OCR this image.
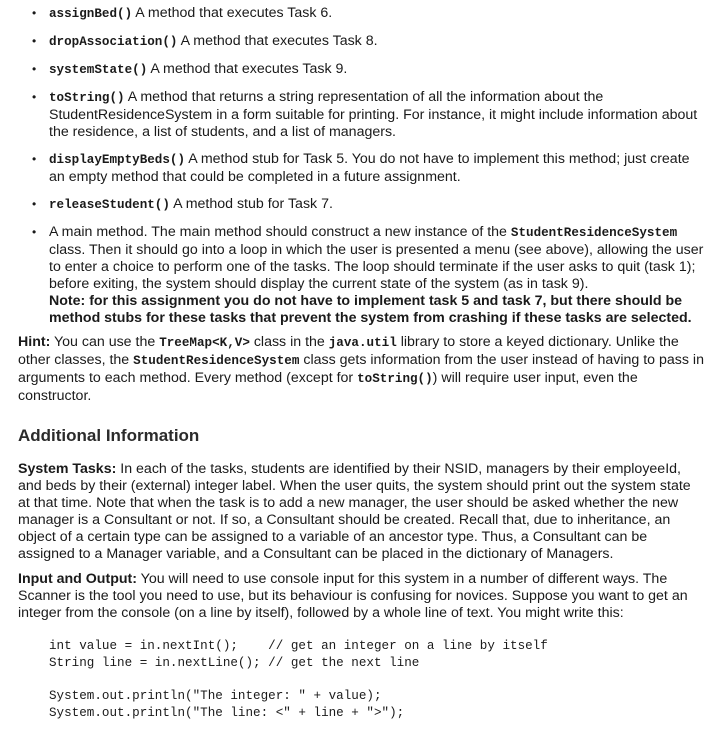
• assignBed() A method that executes Task 6.
• dropAssociation() A method that executes Task 8.
• systemState() A method that executes Task 9.
• toString() A method that returns a string representation of all the information about the StudentResidenceSystem in a form suitable for printing. For instance, it might include information about the residence, a list of students, and a list of managers.
• displayEmptyBeds() A method stub for Task 5. You do not have to implement this method; just create an empty method that could be completed in a future assignment.
• releaseStudent() A method stub for Task 7.
• A main method. The main method should construct a new instance of the StudentResidenceSystem class. Then it should go into a loop in which the user is presented a menu (see above), allowing the user to enter a choice to perform one of the tasks. The loop should terminate if the user asks to quit (task 1); before exiting, the system should display the current state of the system (as in task 9).
Note: for this assignment you do not have to implement task 5 and task 7, but there should be method stubs for these tasks that prevent the system from crashing if these tasks are selected.
Hint: You can use the TreeMap<K,V> class in the java.util library to store a keyed dictionary. Unlike the other classes, the StudentResidenceSystem class gets information from the user instead of having to pass in arguments to each method. Every method (except for toString()) will require user input, even the constructor.
Additional Information
System Tasks: In each of the tasks, students are identified by their NSID, managers by their employeeId, and beds by their (external) integer label. When the user quits, the system should print out the system state at that time. Note that when the task is to add a new manager, the user should be asked whether the new manager is a Consultant or not. If so, a Consultant should be created. Recall that, due to inheritance, an object of a certain type can be assigned to a variable of an ancestor type. Thus, a Consultant can be assigned to a Manager variable, and a Consultant can be placed in the dictionary of Managers.
Input and Output: You will need to use console input for this system in a number of different ways. The Scanner is the tool you need to use, but its behaviour is confusing for novices. Suppose you want to get an integer from the console (on a line by itself), followed by a whole line of text. You might write this:
int value = in.nextInt();    // get an integer on a line by itself
String line = in.nextLine(); // get the next line
System.out.println("The integer: " + value);
System.out.println("The line: <" + line + ">");
